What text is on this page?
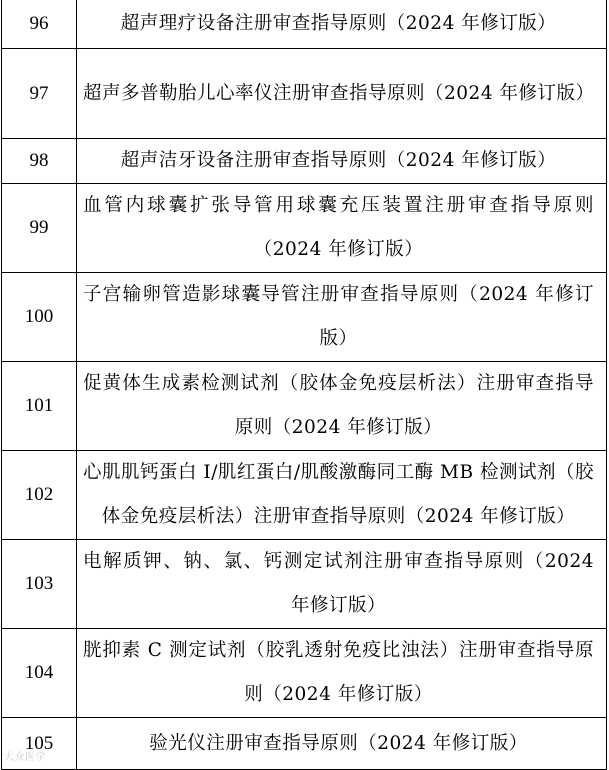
96	超声理疗设备注册审查指导原则（2024 年修订版）
97	超声多普勒胎儿心率仪注册审查指导原则（2024 年修订版）
98	超声洁牙设备注册审查指导原则（2024 年修订版）
99	血管内球囊扩张导管用球囊充压装置注册审查指导原则（2024 年修订版）
100	子宫输卵管造影球囊导管注册审查指导原则（2024 年修订版）
101	促黄体生成素检测试剂（胶体金免疫层析法）注册审查指导原则（2024 年修订版）
102	心肌肌钙蛋白 I/肌红蛋白/肌酸激酶同工酶 MB 检测试剂（胶体金免疫层析法）注册审查指导原则（2024 年修订版）
103	电解质钾、钠、氯、钙测定试剂注册审查指导原则（2024 年修订版）
104	胱抑素 C 测定试剂（胶乳透射免疫比浊法）注册审查指导原则（2024 年修订版）
105	验光仪注册审查指导原则（2024 年修订版）
大众医学
